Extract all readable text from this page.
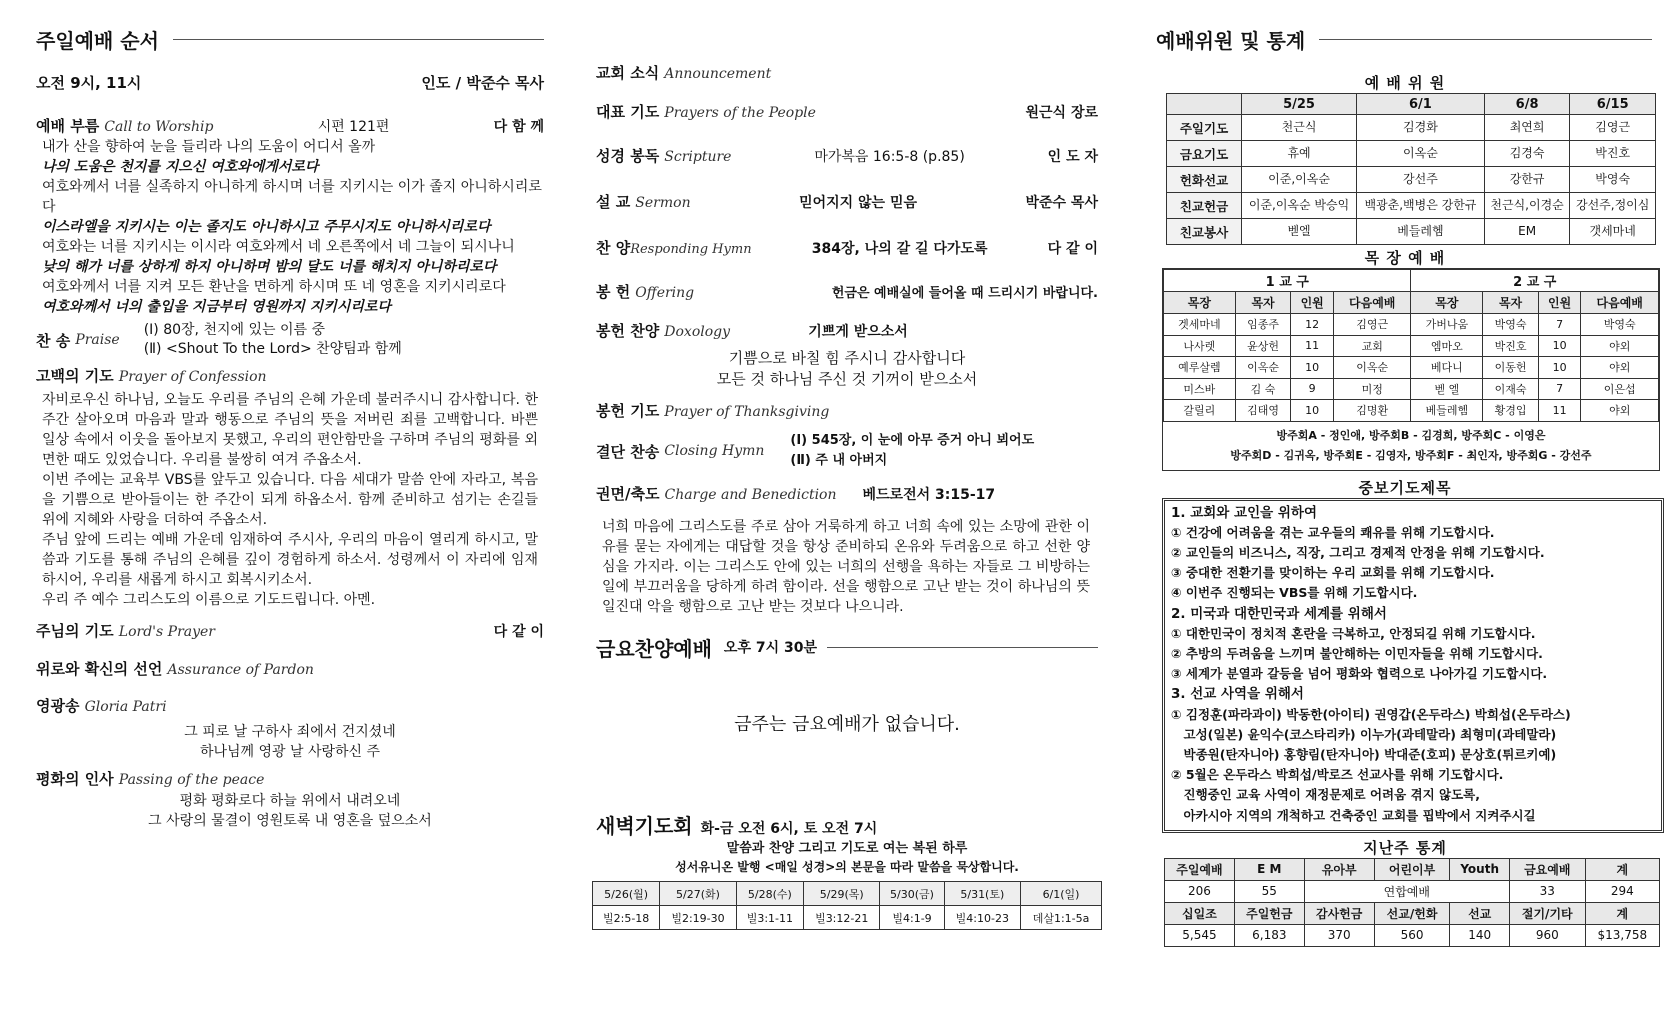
주일예배 순서
오전 9시, 11시	인도 / 박준수 목사
예배 부름 Call to Worship	시편 121편	다 함 께
내가 산을 향하여 눈을 들리라 나의 도움이 어디서 올까
나의 도움은 천지를 지으신 여호와에게서로다
여호와께서 너를 실족하지 아니하게 하시며 너를 지키시는 이가 졸지 아니하시리로다
이스라엘을 지키시는 이는 졸지도 아니하시고 주무시지도 아니하시리로다
여호와는 너를 지키시는 이시라 여호와께서 네 오른쪽에서 네 그늘이 되시나니
낮의 해가 너를 상하게 하지 아니하며 밤의 달도 너를 해치지 아니하리로다
여호와께서 너를 지켜 모든 환난을 면하게 하시며 또 네 영혼을 지키시리로다
여호와께서 너의 출입을 지금부터 영원까지 지키시리로다
찬 송
Praise
(Ⅰ) 80장, 천지에 있는 이름 중
(Ⅱ) <Shout To the Lord> 찬양팀과 함께
고백의 기도 Prayer of Confession
자비로우신 하나님, 오늘도 우리를 주님의 은혜 가운데 불러주시니 감사합니다. 한 주간 살아오며 마음과 말과 행동으로 주님의 뜻을 저버린 죄를 고백합니다. 바쁜 일상 속에서 이웃을 돌아보지 못했고, 우리의 편안함만을 구하며 주님의 평화를 외면한 때도 있었습니다. 우리를 불쌍히 여겨 주옵소서.
이번 주에는 교육부 VBS를 앞두고 있습니다. 다음 세대가 말씀 안에 자라고, 복음을 기쁨으로 받아들이는 한 주간이 되게 하옵소서. 함께 준비하고 섬기는 손길들 위에 지혜와 사랑을 더하여 주옵소서.
주님 앞에 드리는 예배 가운데 임재하여 주시사, 우리의 마음이 열리게 하시고, 말씀과 기도를 통해 주님의 은혜를 깊이 경험하게 하소서. 성령께서 이 자리에 임재하시어, 우리를 새롭게 하시고 회복시키소서.
우리 주 예수 그리스도의 이름으로 기도드립니다. 아멘.
주님의 기도 Lord's Prayer	다 같 이
위로와 확신의 선언 Assurance of Pardon
영광송 Gloria Patri
그 피로 날 구하사 죄에서 건지셨네
하나님께 영광 날 사랑하신 주
평화의 인사 Passing of the peace
평화 평화로다 하늘 위에서 내려오네
그 사랑의 물결이 영원토록 내 영혼을 덮으소서
교회 소식 Announcement
대표 기도 Prayers of the People	원근식 장로
성경 봉독 Scripture	마가복음 16:5-8 (p.85)	인 도 자
설 교 Sermon	믿어지지 않는 믿음	박준수 목사
찬 양Responding Hymn	384장, 나의 갈 길 다가도록	다 같 이
봉 헌 Offering	헌금은 예배실에 들어올 때 드리시기 바랍니다.
봉헌 찬양
Doxology	기쁘게 받으소서
기쁨으로 바칠 힘 주시니 감사합니다
모든 것 하나님 주신 것 기꺼이 받으소서
봉헌 기도 Prayer of Thanksgiving
결단 찬송
Closing Hymn
(Ⅰ) 545장, 이 눈에 아무 증거 아니 뵈어도
(Ⅱ) 주 내 아버지
권면/축도
Charge and Benediction 베드로전서 3:15-17
너희 마음에 그리스도를 주로 삼아 거룩하게 하고 너희 속에 있는 소망에 관한 이유를 묻는 자에게는 대답할 것을 항상 준비하되 온유와 두려움으로 하고 선한 양심을 가지라. 이는 그리스도 안에 있는 너희의 선행을 욕하는 자들로 그 비방하는 일에 부끄러움을 당하게 하려 함이라. 선을 행함으로 고난 받는 것이 하나님의 뜻일진대 악을 행함으로 고난 받는 것보다 나으니라.
금요찬양예배 오후 7시 30분
금주는 금요예배가 없습니다.
새벽기도회 화-금 오전 6시, 토 오전 7시
말씀과 찬양 그리고 기도로 여는 복된 하루
성서유니온 발행 <매일 성경>의 본문을 따라 말씀을 묵상합니다.
5/26(월)	5/27(화)	5/28(수)	5/29(목)	5/30(금)	5/31(토)	6/1(일)
빌2:5-18	빌2:19-30	빌3:1-11	빌3:12-21	빌4:1-9	빌4:10-23	데살1:1-5a
예배위원 및 통계
예 배 위 원
	5/25	6/1	6/8	6/15
주일기도	천근식	김경화	최연희	김영근
금요기도	휴예	이옥순	김경숙	박진호
헌화선교	이준,이옥순	강선주	강한규	박영숙
친교헌금	이준,이옥순 박승익	백광춘,백병은 강한규	천근식,이경순	강선주,정이심
친교봉사	벧엘	베들레헴	EM	갯세마네
목 장 예 배
1 교 구				2 교 구			
목장	목자	인원	다음예배	목장	목자	인원	다음예배
겟세마네	임종주	12	김영근	가버나움	박영숙	7	박영숙
나사렛	윤상헌	11	교회	엠마오	박진호	10	야외
예루살렘	이옥순	10	이옥순	베다니	이동헌	10	야외
미스바	김 숙	9	미정	벧 엘	이재숙	7	이은섭
갈릴리	김태영	10	김명환	베들레헴	황경입	11	야외
방주회A - 정인애, 방주회B - 김경희, 방주회C - 이영은
방주회D - 김귀옥, 방주회E - 김영자, 방주회F - 최인자, 방주회G - 강선주
중보기도제목
1. 교회와 교인을 위하여
① 건강에 어려움을 겪는 교우들의 쾌유를 위해 기도합시다.
② 교인들의 비즈니스, 직장, 그리고 경제적 안정을 위해 기도합시다.
③ 중대한 전환기를 맞이하는 우리 교회를 위해 기도합시다.
④ 이번주 진행되는 VBS를 위해 기도합시다.
2. 미국과 대한민국과 세계를 위해서
① 대한민국이 정치적 혼란을 극복하고, 안정되길 위해 기도합시다.
② 추방의 두려움을 느끼며 불안해하는 이민자들을 위해 기도합시다.
③ 세계가 분열과 갈등을 넘어 평화와 협력으로 나아가길 기도합시다.
3. 선교 사역을 위해서
① 김정훈(파라과이) 박동한(아이티) 권영갑(온두라스) 박희섭(온두라스)
　고성(일본) 윤익수(코스타리카) 이누가(과테말라) 최형미(과테말라)
　박종원(탄자니아) 홍향림(탄자니아) 박대준(호피) 문상호(튀르키예)
② 5월은 온두라스 박희섭/박로즈 선교사를 위해 기도합시다.
　진행중인 교육 사역이 재정문제로 어려움 겪지 않도록,
　아카시아 지역의 개척하고 건축중인 교회를 핍박에서 지켜주시길
지난주 통계
주일예배	E M	유아부	어린이부	Youth	금요예배	계
206	55	연합예배			33	294
십일조	주일헌금	감사헌금	선교/헌화	선교	절기/기타	계
5,545	6,183	370	560	140	960	$13,758
